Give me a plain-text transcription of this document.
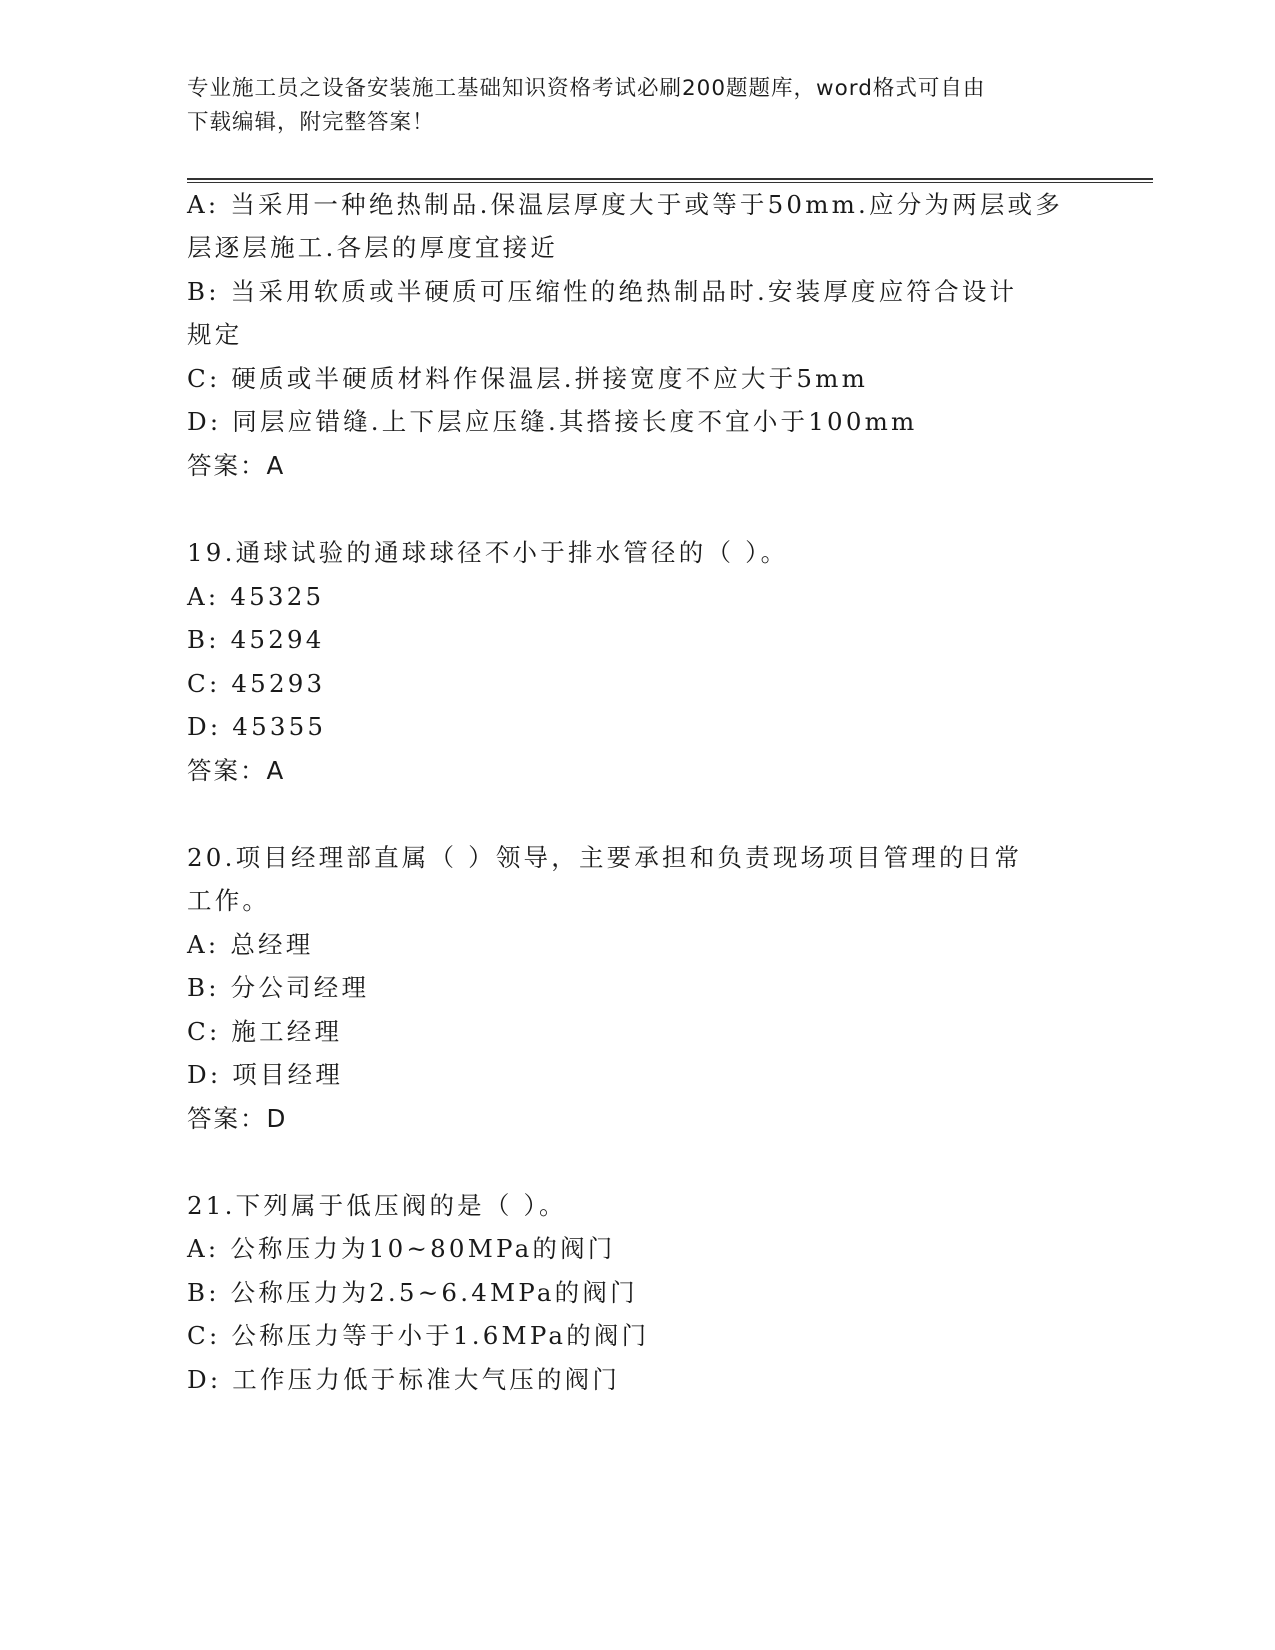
专业施工员之设备安装施工基础知识资格考试必刷200题题库，word格式可自由
下载编辑，附完整答案！
A: 当采用一种绝热制品.保温层厚度大于或等于50mm.应分为两层或多
层逐层施工.各层的厚度宜接近
B: 当采用软质或半硬质可压缩性的绝热制品时.安装厚度应符合设计
规定
C: 硬质或半硬质材料作保温层.拼接宽度不应大于5mm
D: 同层应错缝.上下层应压缝.其搭接长度不宜小于100mm
答案：A
19.通球试验的通球球径不小于排水管径的（ ）。
A: 45325
B: 45294
C: 45293
D: 45355
答案：A
20.项目经理部直属（ ）领导，主要承担和负责现场项目管理的日常
工作。
A: 总经理
B: 分公司经理
C: 施工经理
D: 项目经理
答案：D
21.下列属于低压阀的是（ ）。
A: 公称压力为10~80MPa的阀门
B: 公称压力为2.5~6.4MPa的阀门
C: 公称压力等于小于1.6MPa的阀门
D: 工作压力低于标准大气压的阀门
